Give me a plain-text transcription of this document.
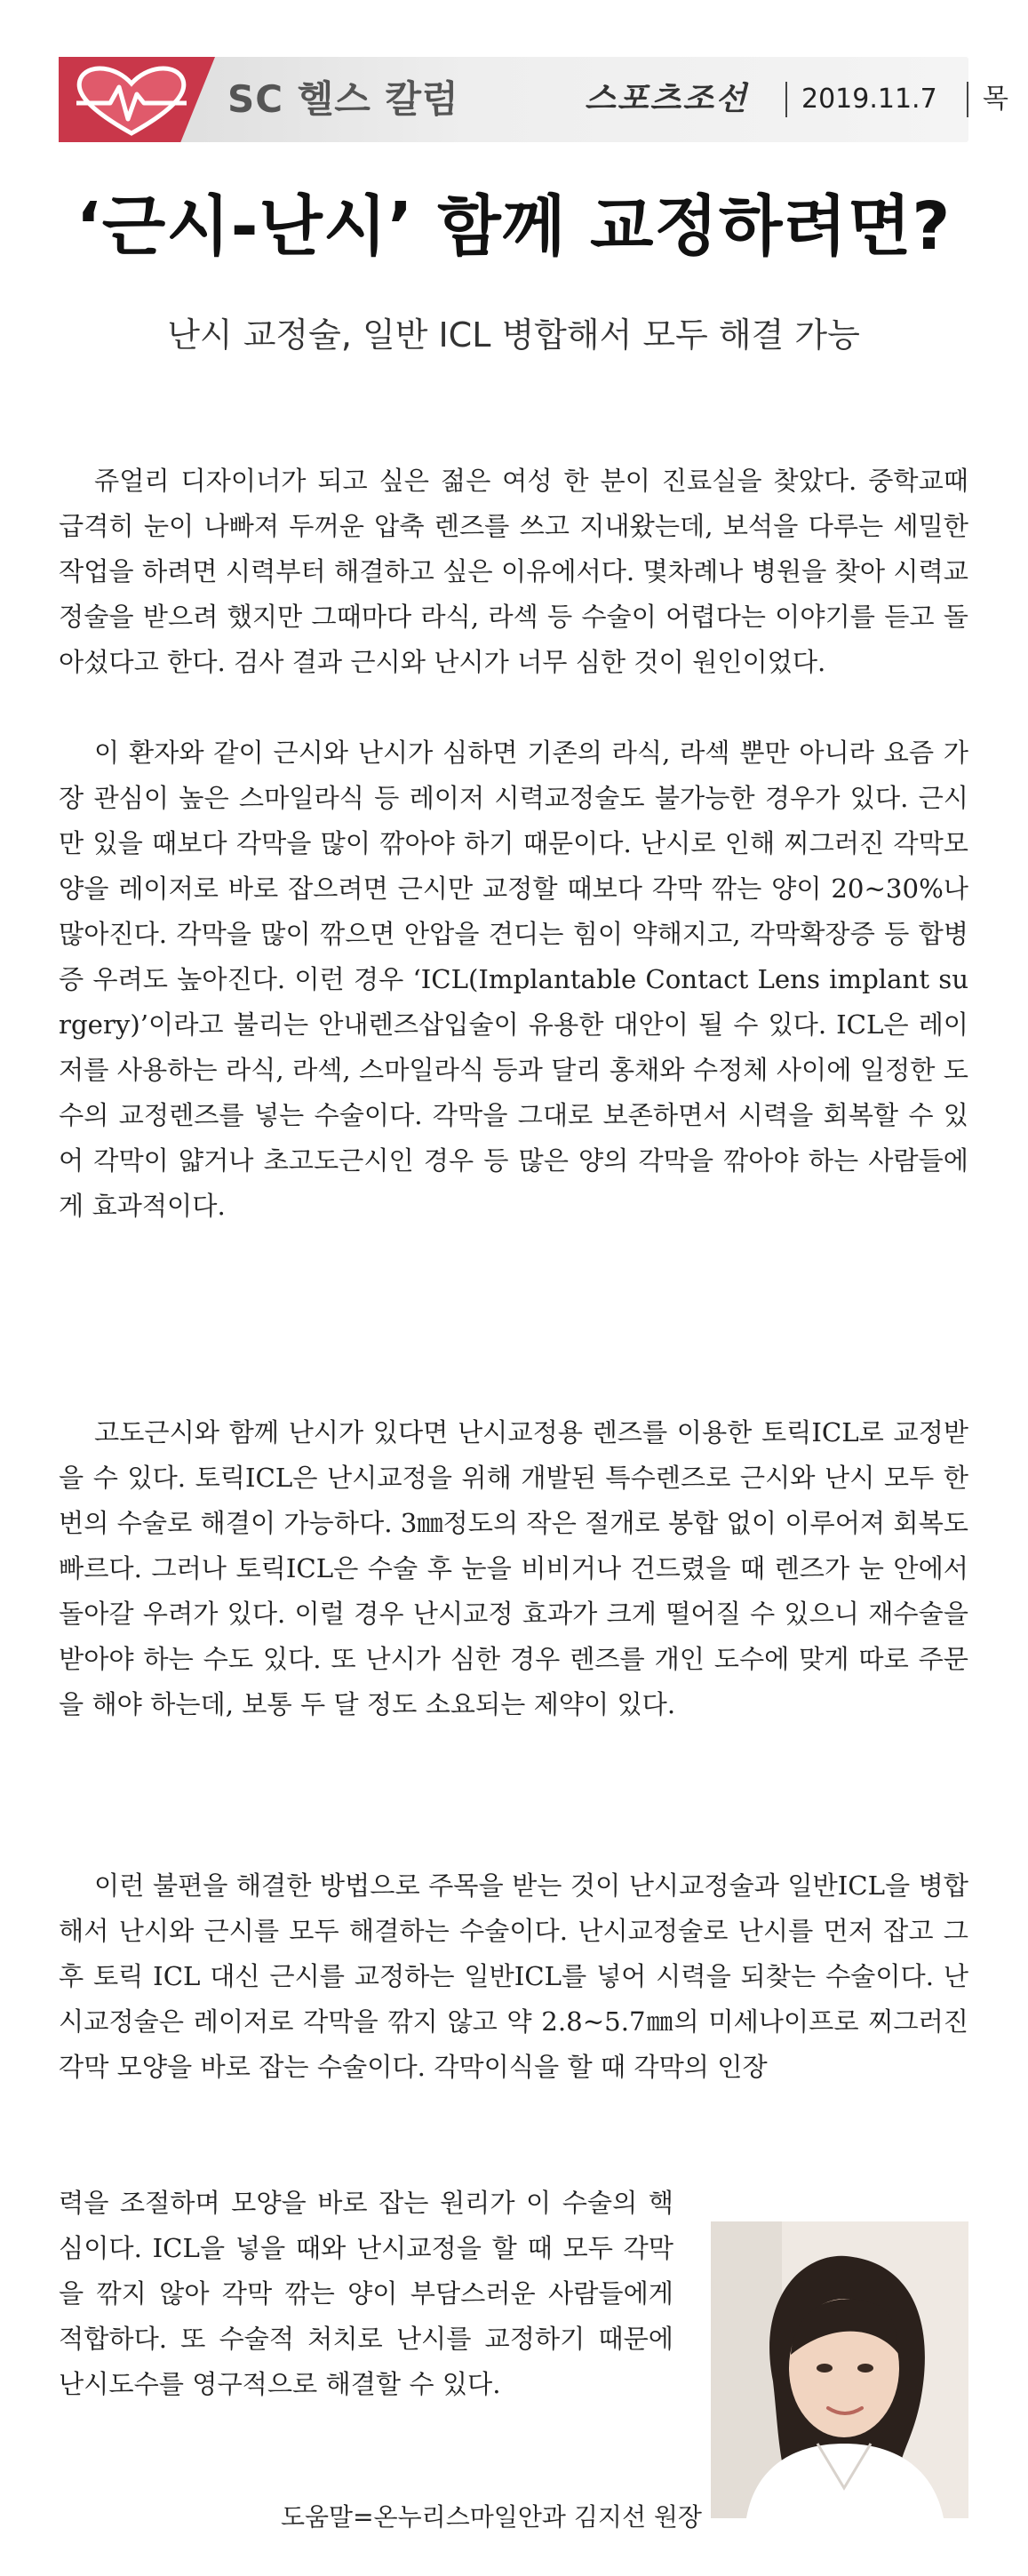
SC 헬스 칼럼	스포츠조선 2019.11.7 목
‘근시-난시’ 함께 교정하려면?
난시 교정술, 일반 ICL 병합해서 모두 해결 가능

쥬얼리 디자이너가 되고 싶은 젊은 여성 한 분이 진료실을 찾았다. 중학교때 급격히 눈이 나빠져 두꺼운 압축 렌즈를 쓰고 지내왔는데, 보석을 다루는 세밀한 작업을 하려면 시력부터 해결하고 싶은 이유에서다. 몇차례나 병원을 찾아 시력교정술을 받으려 했지만 그때마다 라식, 라섹 등 수술이 어렵다는 이야기를 듣고 돌아섰다고 한다. 검사 결과 근시와 난시가 너무 심한 것이 원인이었다.

이 환자와 같이 근시와 난시가 심하면 기존의 라식, 라섹 뿐만 아니라 요즘 가장 관심이 높은 스마일라식 등 레이저 시력교정술도 불가능한 경우가 있다. 근시만 있을 때보다 각막을 많이 깎아야 하기 때문이다. 난시로 인해 찌그러진 각막모양을 레이저로 바로 잡으려면 근시만 교정할 때보다 각막 깎는 양이 20~30%나 많아진다. 각막을 많이 깎으면 안압을 견디는 힘이 약해지고, 각막확장증 등 합병증 우려도 높아진다. 이런 경우 ‘ICL(Implantable Contact Lens implant surgery)’이라고 불리는 안내렌즈삽입술이 유용한 대안이 될 수 있다. ICL은 레이저를 사용하는 라식, 라섹, 스마일라식 등과 달리 홍채와 수정체 사이에 일정한 도수의 교정렌즈를 넣는 수술이다. 각막을 그대로 보존하면서 시력을 회복할 수 있어 각막이 얇거나 초고도근시인 경우 등 많은 양의 각막을 깎아야 하는 사람들에게 효과적이다.

고도근시와 함께 난시가 있다면 난시교정용 렌즈를 이용한 토릭ICL로 교정받을 수 있다. 토릭ICL은 난시교정을 위해 개발된 특수렌즈로 근시와 난시 모두 한 번의 수술로 해결이 가능하다. 3㎜정도의 작은 절개로 봉합 없이 이루어져 회복도 빠르다. 그러나 토릭ICL은 수술 후 눈을 비비거나 건드렸을 때 렌즈가 눈 안에서 돌아갈 우려가 있다. 이럴 경우 난시교정 효과가 크게 떨어질 수 있으니 재수술을 받아야 하는 수도 있다. 또 난시가 심한 경우 렌즈를 개인 도수에 맞게 따로 주문을 해야 하는데, 보통 두 달 정도 소요되는 제약이 있다.

이런 불편을 해결한 방법으로 주목을 받는 것이 난시교정술과 일반ICL을 병합해서 난시와 근시를 모두 해결하는 수술이다. 난시교정술로 난시를 먼저 잡고 그 후 토릭 ICL 대신 근시를 교정하는 일반ICL를 넣어 시력을 되찾는 수술이다. 난시교정술은 레이저로 각막을 깎지 않고 약 2.8~5.7㎜의 미세나이프로 찌그러진 각막 모양을 바로 잡는 수술이다. 각막이식을 할 때 각막의 인장

력을 조절하며 모양을 바로 잡는 원리가 이 수술의 핵심이다. ICL을 넣을 때와 난시교정을 할 때 모두 각막을 깎지 않아 각막 깎는 양이 부담스러운 사람들에게 적합하다. 또 수술적 처치로 난시를 교정하기 때문에 난시도수를 영구적으로 해결할 수 있다.

도움말=온누리스마일안과 김지선 원장
